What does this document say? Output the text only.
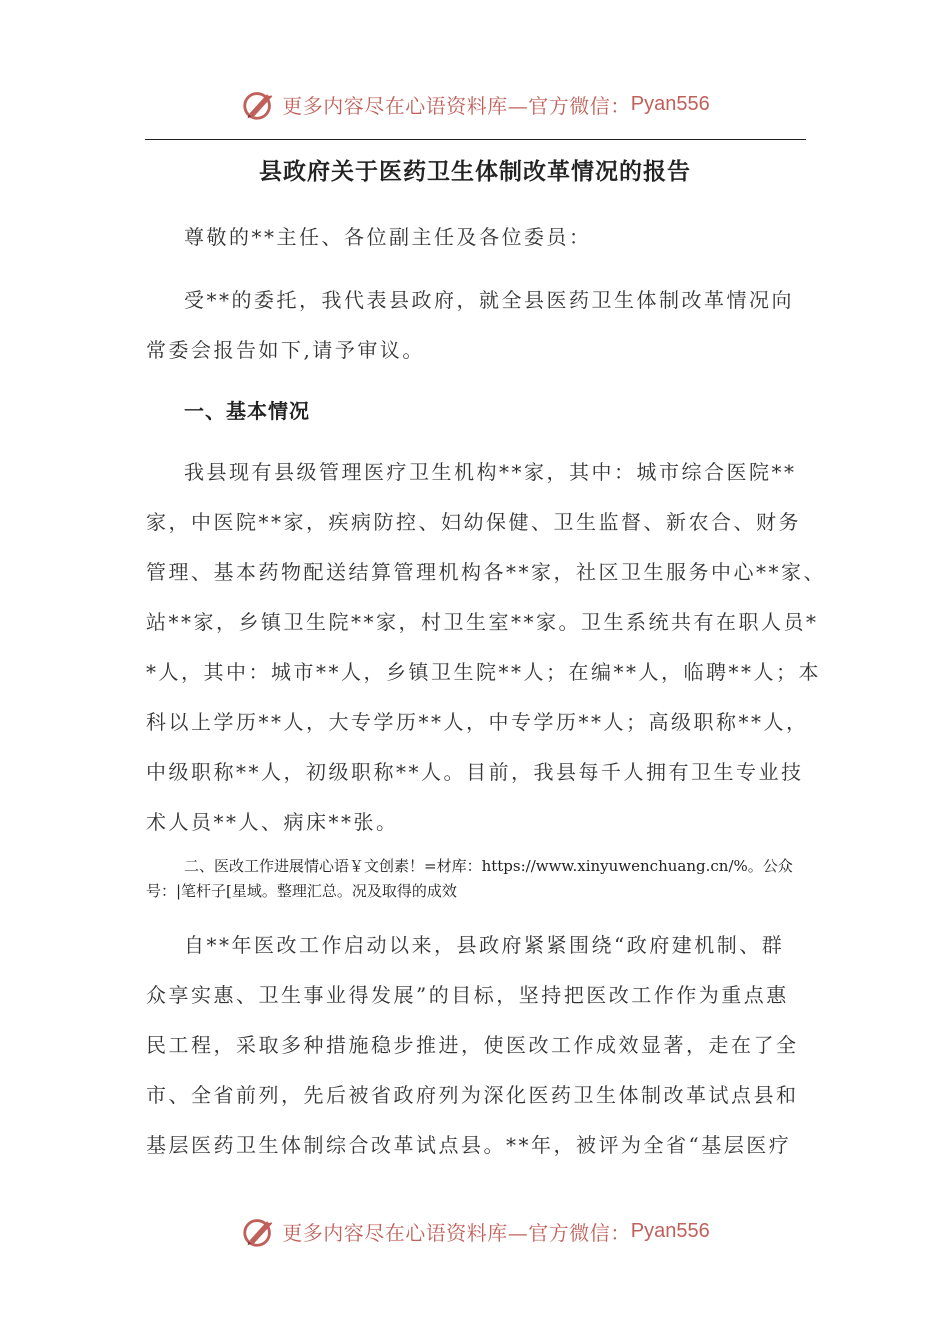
更多内容尽在心语资料库—官方微信： Pyan556
县政府关于医药卫生体制改革情况的报告
尊敬的**主任、各位副主任及各位委员：
受**的委托，我代表县政府，就全县医药卫生体制改革情况向
常委会报告如下,请予审议。
一、基本情况
我县现有县级管理医疗卫生机构**家，其中：城市综合医院**
家，中医院**家，疾病防控、妇幼保健、卫生监督、新农合、财务
管理、基本药物配送结算管理机构各**家，社区卫生服务中心**家、
站**家，乡镇卫生院**家，村卫生室**家。卫生系统共有在职人员*
*人，其中：城市**人，乡镇卫生院**人；在编**人，临聘**人；本
科以上学历**人，大专学历**人，中专学历**人；高级职称**人，
中级职称**人，初级职称**人。目前，我县每千人拥有卫生专业技
术人员**人、病床**张。
二、医改工作进展情心语￥文创素！=材库：https://www.xinyuwenchuang.cn/%。公众
号：|笔杆子[星域。整理汇总。况及取得的成效
自**年医改工作启动以来，县政府紧紧围绕“政府建机制、群
众享实惠、卫生事业得发展”的目标，坚持把医改工作作为重点惠
民工程，采取多种措施稳步推进，使医改工作成效显著，走在了全
市、全省前列，先后被省政府列为深化医药卫生体制改革试点县和
基层医药卫生体制综合改革试点县。**年，被评为全省“基层医疗
更多内容尽在心语资料库—官方微信： Pyan556
